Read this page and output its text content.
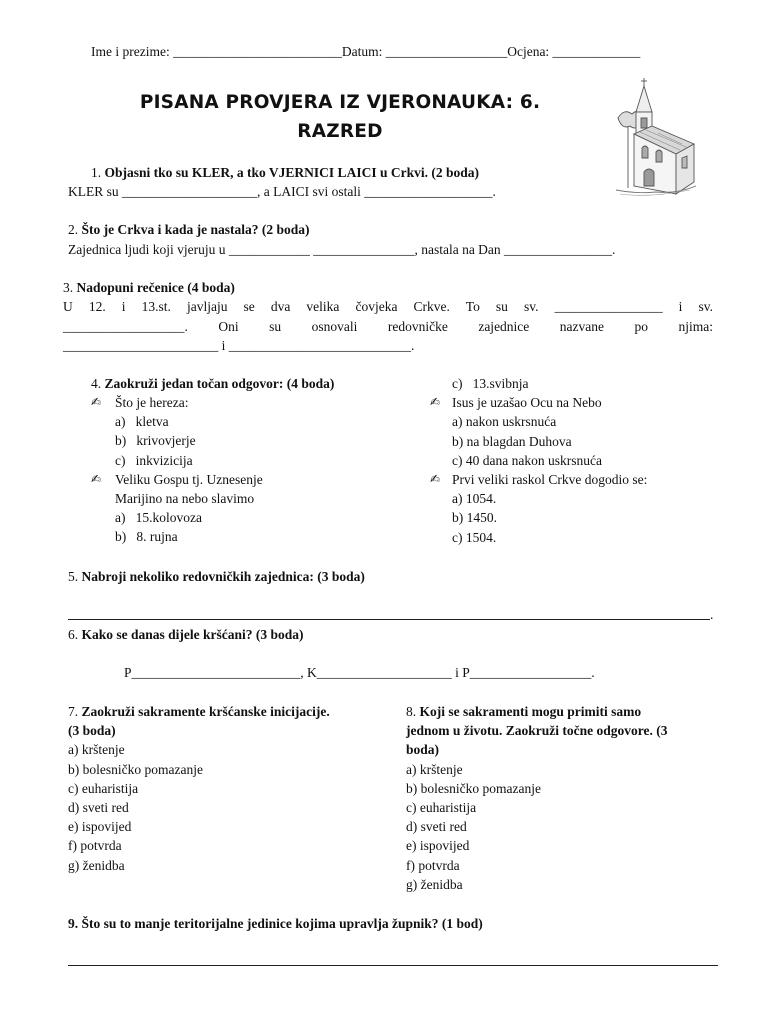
Ime i prezime: _________________________Datum: __________________Ocjena: _____________
PISANA PROVJERA IZ VJERONAUKA: 6.
RAZRED
1. Objasni tko su KLER, a tko VJERNICI LAICI u Crkvi. (2 boda)
KLER su ____________________, a LAICI svi ostali ___________________.
2. Što je Crkva i kada je nastala? (2 boda)
Zajednica ljudi koji vjeruju u ____________ _______________, nastala na Dan ________________.
3. Nadopuni rečenice (4 boda)
U 12. i 13.st. javljaju se dva velika čovjeka Crkve. To su sv. ________________ i sv.
__________________. Oni su osnovali redovničke zajednice nazvane po njima:
_______________________ i ___________________________.
4. Zaokruži jedan točan odgovor: (4 boda)
✍ Što je hereza:
a)   kletva
b)   krivovjerje
c)   inkvizicija
✍ Veliku Gospu tj. Uznesenje
Marijino na nebo slavimo
a)   15.kolovoza
b)   8. rujna
c)   13.svibnja
✍ Isus je uzašao Ocu na Nebo
a) nakon uskrsnuća
b) na blagdan Duhova
c) 40 dana nakon uskrsnuća
✍ Prvi veliki raskol Crkve dogodio se:
a) 1054.
b) 1450.
c) 1504.
5. Nabroji nekoliko redovničkih zajednica: (3 boda)
.
6. Kako se danas dijele kršćani? (3 boda)
P_________________________, K____________________ i P__________________.
7. Zaokruži sakramente kršćanske inicijacije.
(3 boda)
a) krštenje
b) bolesničko pomazanje
c) euharistija
d) sveti red
e) ispovijed
f) potvrda
g) ženidba
8. Koji se sakramenti mogu primiti samo
jednom u životu. Zaokruži točne odgovore. (3
boda)
a) krštenje
b) bolesničko pomazanje
c) euharistija
d) sveti red
e) ispovijed
f) potvrda
g) ženidba
9. Što su to manje teritorijalne jedinice kojima upravlja župnik? (1 bod)
